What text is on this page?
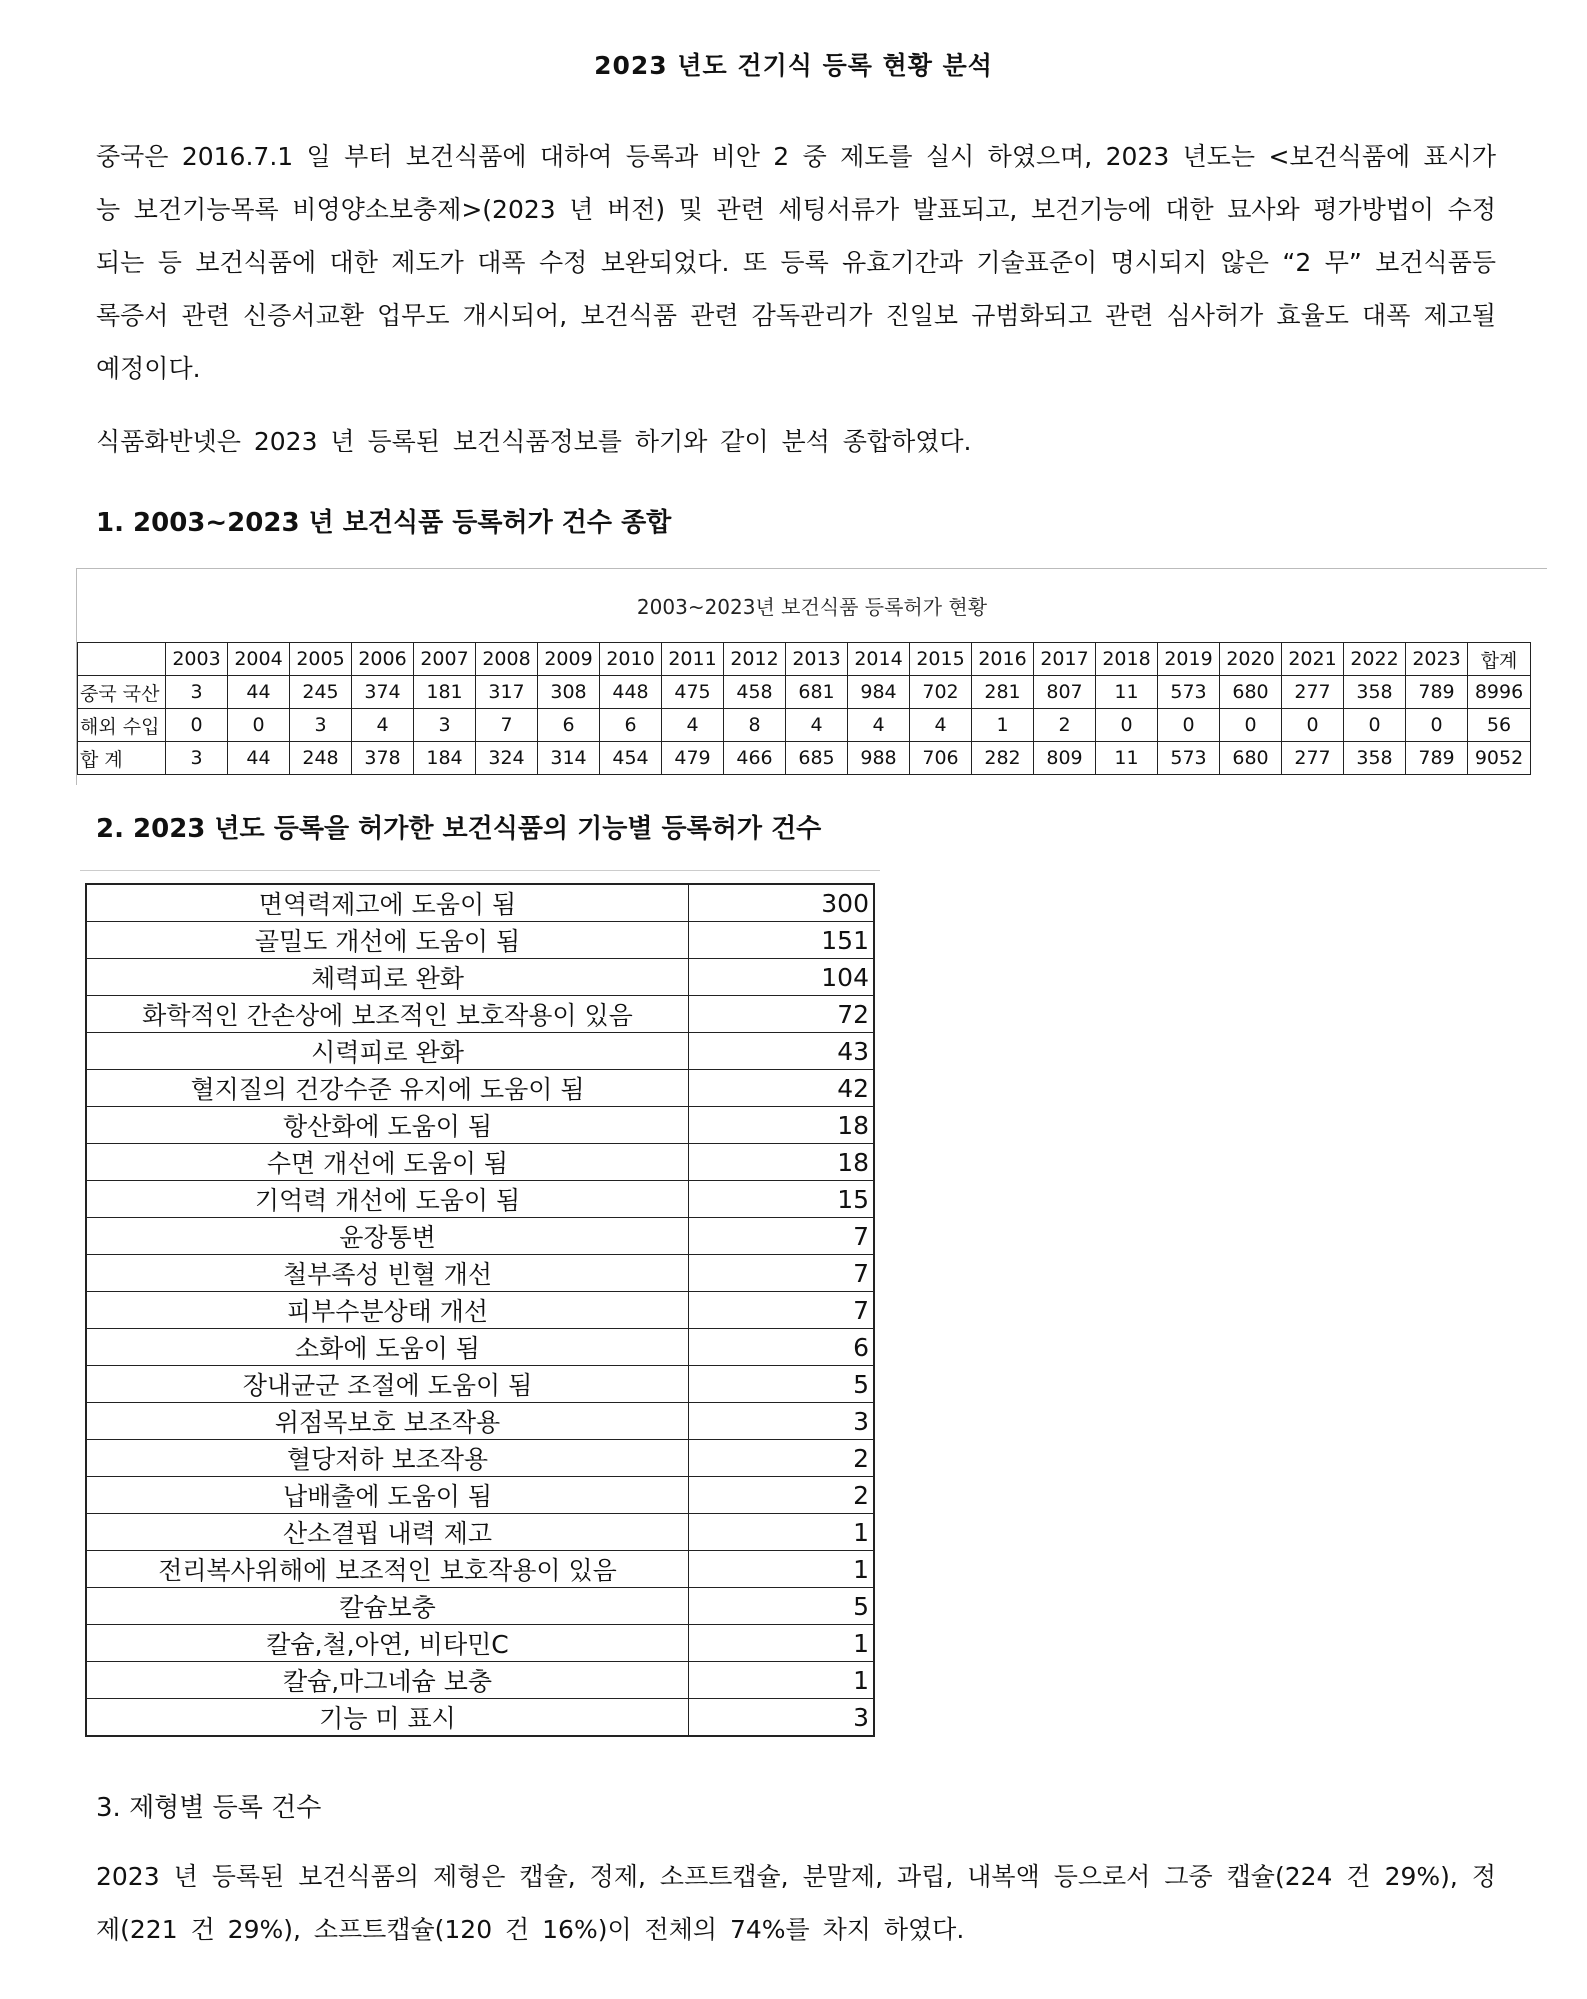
2023 년도 건기식 등록 현황 분석
중국은 2016.7.1 일 부터 보건식품에 대하여 등록과 비안 2 중 제도를 실시 하였으며, 2023 년도는 <보건식품에 표시가능 보건기능목록 비영양소보충제>(2023 년 버전) 및 관련 세팅서류가 발표되고, 보건기능에 대한 묘사와 평가방법이 수정되는 등 보건식품에 대한 제도가 대폭 수정 보완되었다. 또 등록 유효기간과 기술표준이 명시되지 않은 “2 무” 보건식품등록증서 관련 신증서교환 업무도 개시되어, 보건식품 관련 감독관리가 진일보 규범화되고 관련 심사허가 효율도 대폭 제고될 예정이다.
식품화반넷은 2023 년 등록된 보건식품정보를 하기와 같이 분석 종합하였다.
1. 2003~2023 년 보건식품 등록허가 건수 종합
2003~2023년 보건식품 등록허가 현황
	2003	2004	2005	2006	2007	2008	2009	2010	2011	2012	2013	2014	2015	2016	2017	2018	2019	2020	2021	2022	2023	합계
중국 국산	3	44	245	374	181	317	308	448	475	458	681	984	702	281	807	11	573	680	277	358	789	8996
해외 수입	0	0	3	4	3	7	6	6	4	8	4	4	4	1	2	0	0	0	0	0	0	56
합 계	3	44	248	378	184	324	314	454	479	466	685	988	706	282	809	11	573	680	277	358	789	9052
2. 2023 년도 등록을 허가한 보건식품의 기능별 등록허가 건수
면역력제고에 도움이 됨	300
골밀도 개선에 도움이 됨	151
체력피로 완화	104
화학적인 간손상에 보조적인 보호작용이 있음	72
시력피로 완화	43
혈지질의 건강수준 유지에 도움이 됨	42
항산화에 도움이 됨	18
수면 개선에 도움이 됨	18
기억력 개선에 도움이 됨	15
윤장통변	7
철부족성 빈혈 개선	7
피부수분상태 개선	7
소화에 도움이 됨	6
장내균군 조절에 도움이 됨	5
위점목보호 보조작용	3
혈당저하 보조작용	2
납배출에 도움이 됨	2
산소결핍 내력 제고	1
전리복사위해에 보조적인 보호작용이 있음	1
칼슘보충	5
칼슘,철,아연, 비타민C	1
칼슘,마그네슘 보충	1
기능 미 표시	3
3. 제형별 등록 건수
2023 년 등록된 보건식품의 제형은 캡슐, 정제, 소프트캡슐, 분말제, 과립, 내복액 등으로서 그중 캡슐(224 건 29%), 정제(221 건 29%), 소프트캡슐(120 건 16%)이 전체의 74%를 차지 하였다.
